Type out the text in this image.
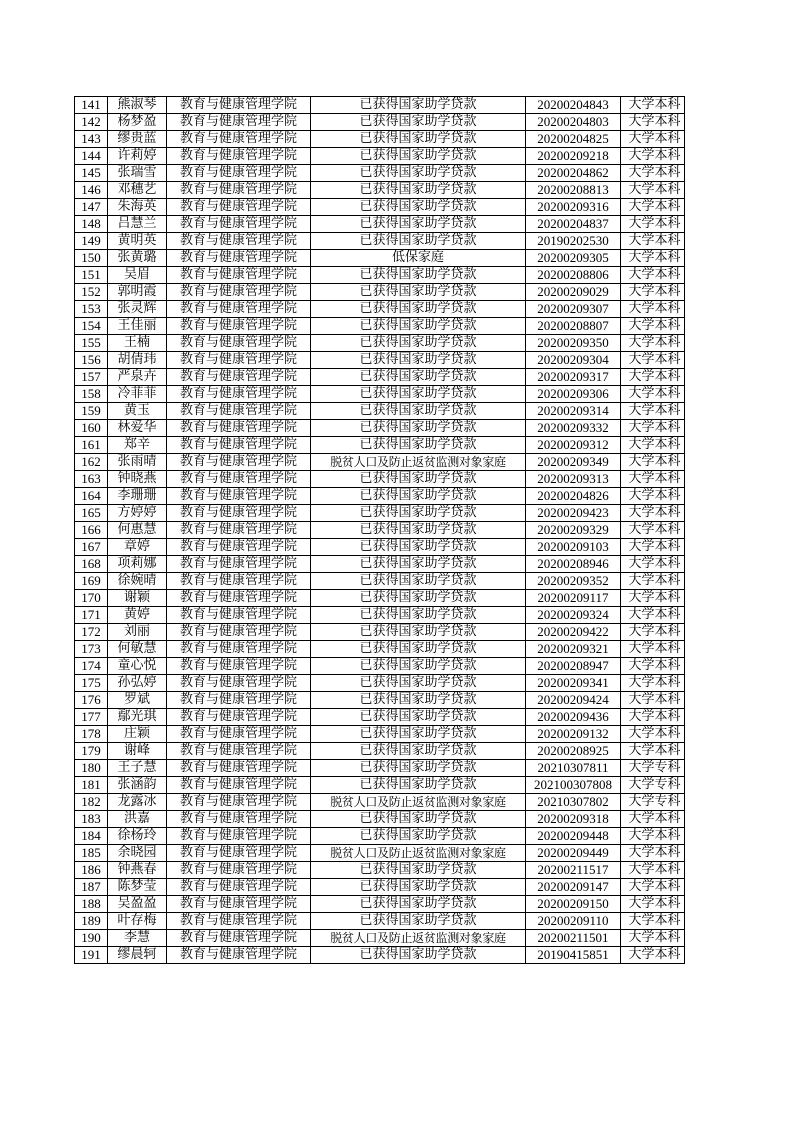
141	熊淑琴	教育与健康管理学院	已获得国家助学贷款	20200204843	大学本科
142	杨梦盈	教育与健康管理学院	已获得国家助学贷款	20200204803	大学本科
143	缪贵蓝	教育与健康管理学院	已获得国家助学贷款	20200204825	大学本科
144	许莉婷	教育与健康管理学院	已获得国家助学贷款	20200209218	大学本科
145	张瑞雪	教育与健康管理学院	已获得国家助学贷款	20200204862	大学本科
146	邓穗艺	教育与健康管理学院	已获得国家助学贷款	20200208813	大学本科
147	朱海英	教育与健康管理学院	已获得国家助学贷款	20200209316	大学本科
148	吕慧兰	教育与健康管理学院	已获得国家助学贷款	20200204837	大学本科
149	黄明英	教育与健康管理学院	已获得国家助学贷款	20190202530	大学本科
150	张黄璐	教育与健康管理学院	低保家庭	20200209305	大学本科
151	吴眉	教育与健康管理学院	已获得国家助学贷款	20200208806	大学本科
152	郭明霞	教育与健康管理学院	已获得国家助学贷款	20200209029	大学本科
153	张灵辉	教育与健康管理学院	已获得国家助学贷款	20200209307	大学本科
154	王佳丽	教育与健康管理学院	已获得国家助学贷款	20200208807	大学本科
155	王楠	教育与健康管理学院	已获得国家助学贷款	20200209350	大学本科
156	胡倩玮	教育与健康管理学院	已获得国家助学贷款	20200209304	大学本科
157	严泉卉	教育与健康管理学院	已获得国家助学贷款	20200209317	大学本科
158	冷菲菲	教育与健康管理学院	已获得国家助学贷款	20200209306	大学本科
159	黄玉	教育与健康管理学院	已获得国家助学贷款	20200209314	大学本科
160	林爱华	教育与健康管理学院	已获得国家助学贷款	20200209332	大学本科
161	郑辛	教育与健康管理学院	已获得国家助学贷款	20200209312	大学本科
162	张雨晴	教育与健康管理学院	脱贫人口及防止返贫监测对象家庭	20200209349	大学本科
163	钟晓燕	教育与健康管理学院	已获得国家助学贷款	20200209313	大学本科
164	李珊珊	教育与健康管理学院	已获得国家助学贷款	20200204826	大学本科
165	方婷婷	教育与健康管理学院	已获得国家助学贷款	20200209423	大学本科
166	何惠慧	教育与健康管理学院	已获得国家助学贷款	20200209329	大学本科
167	章婷	教育与健康管理学院	已获得国家助学贷款	20200209103	大学本科
168	项莉娜	教育与健康管理学院	已获得国家助学贷款	20200208946	大学本科
169	徐婉晴	教育与健康管理学院	已获得国家助学贷款	20200209352	大学本科
170	谢颖	教育与健康管理学院	已获得国家助学贷款	20200209117	大学本科
171	黄婷	教育与健康管理学院	已获得国家助学贷款	20200209324	大学本科
172	刘丽	教育与健康管理学院	已获得国家助学贷款	20200209422	大学本科
173	何敏慧	教育与健康管理学院	已获得国家助学贷款	20200209321	大学本科
174	童心悦	教育与健康管理学院	已获得国家助学贷款	20200208947	大学本科
175	孙弘婷	教育与健康管理学院	已获得国家助学贷款	20200209341	大学本科
176	罗斌	教育与健康管理学院	已获得国家助学贷款	20200209424	大学本科
177	鄢光琪	教育与健康管理学院	已获得国家助学贷款	20200209436	大学本科
178	庄颖	教育与健康管理学院	已获得国家助学贷款	20200209132	大学本科
179	谢峰	教育与健康管理学院	已获得国家助学贷款	20200208925	大学本科
180	王子慧	教育与健康管理学院	已获得国家助学贷款	20210307811	大学专科
181	张涵韵	教育与健康管理学院	已获得国家助学贷款	202100307808	大学专科
182	龙露冰	教育与健康管理学院	脱贫人口及防止返贫监测对象家庭	20210307802	大学专科
183	洪嘉	教育与健康管理学院	已获得国家助学贷款	20200209318	大学本科
184	徐杨玲	教育与健康管理学院	已获得国家助学贷款	20200209448	大学本科
185	余晓园	教育与健康管理学院	脱贫人口及防止返贫监测对象家庭	20200209449	大学本科
186	钟燕春	教育与健康管理学院	已获得国家助学贷款	20200211517	大学本科
187	陈梦莹	教育与健康管理学院	已获得国家助学贷款	20200209147	大学本科
188	吴盈盈	教育与健康管理学院	已获得国家助学贷款	20200209150	大学本科
189	叶存梅	教育与健康管理学院	已获得国家助学贷款	20200209110	大学本科
190	李慧	教育与健康管理学院	脱贫人口及防止返贫监测对象家庭	20200211501	大学本科
191	缪晨轲	教育与健康管理学院	已获得国家助学贷款	20190415851	大学本科
